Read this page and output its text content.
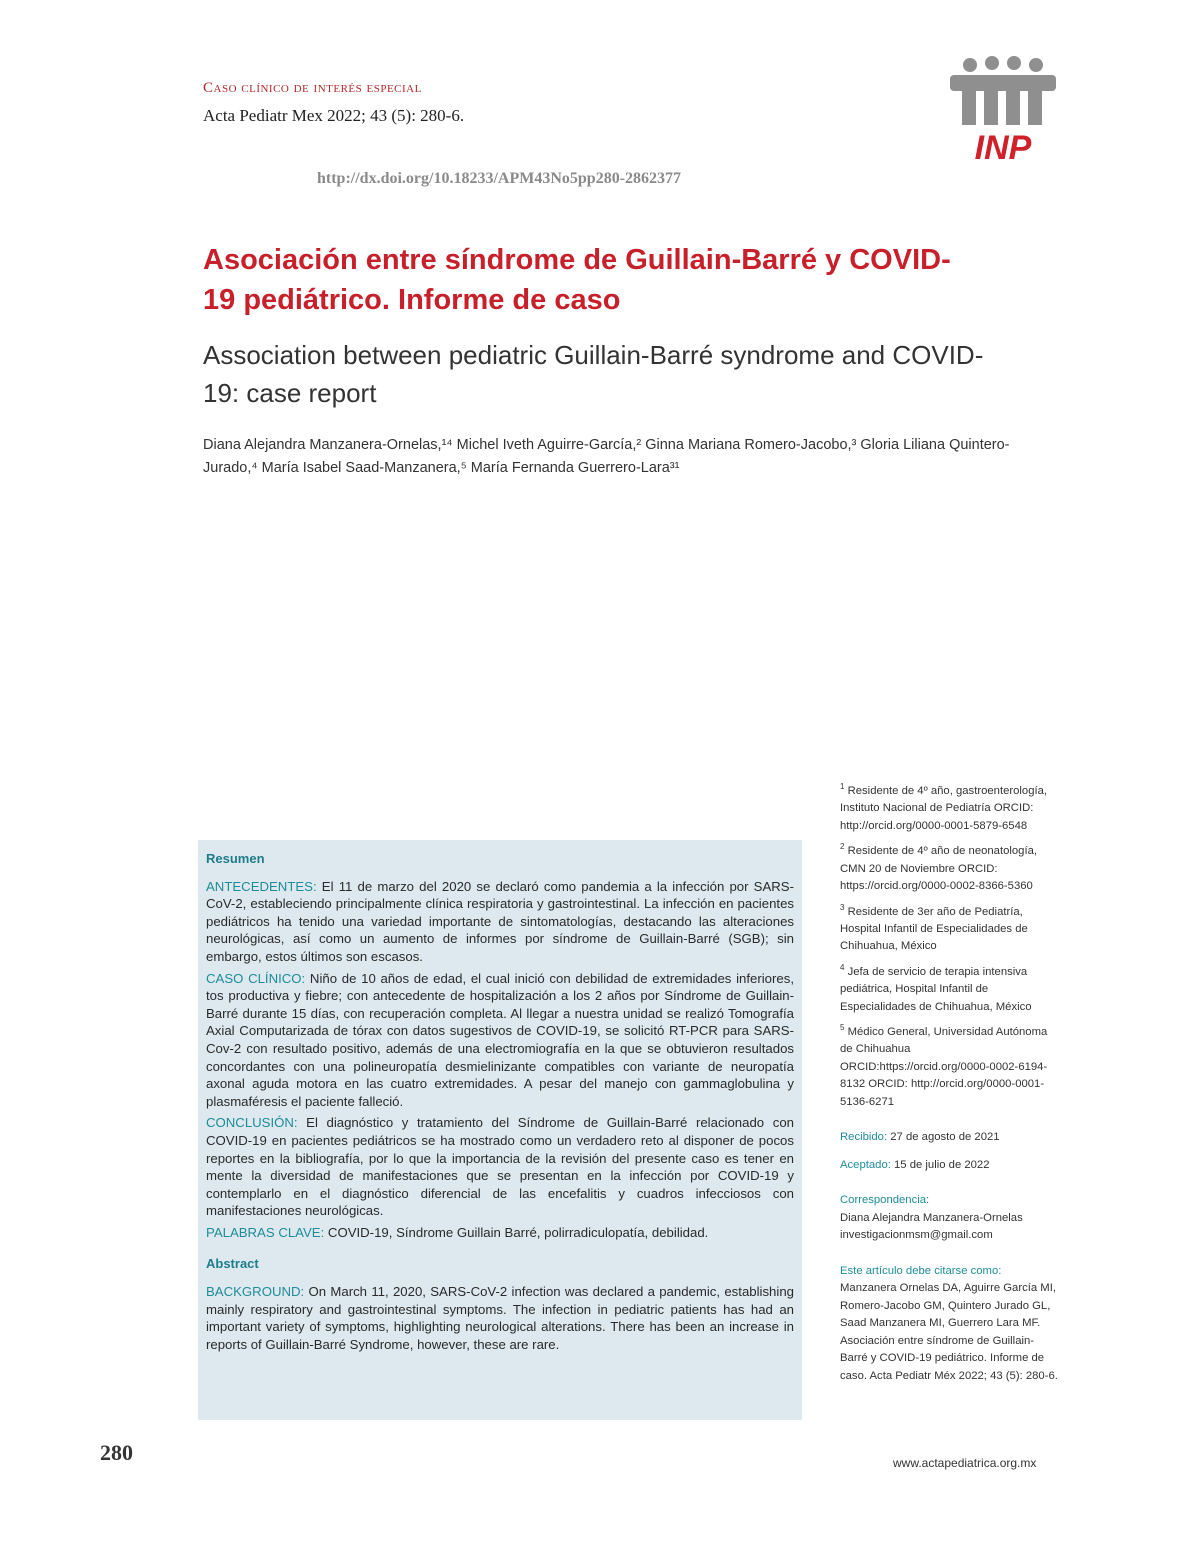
Caso clínico de interés especial
Acta Pediatr Mex 2022; 43 (5): 280-6.
http://dx.doi.org/10.18233/APM43No5pp280-2862377
INP
Asociación entre síndrome de Guillain-Barré y COVID-19 pediátrico. Informe de caso
Association between pediatric Guillain-Barré syndrome and COVID-19: case report

Diana Alejandra Manzanera-Ornelas,¹⁴ Michel Iveth Aguirre-García,² Ginna Mariana Romero-Jacobo,³ Gloria Liliana Quintero-Jurado,⁴ María Isabel Saad-Manzanera,⁵ María Fernanda Guerrero-Lara³¹

$^1$ Residente de 4º año, gastroenterología, Instituto Nacional de Pediatría ORCID: http://orcid.org/0000-0001-5879-6548

$^2$ Residente de 4º año de neonatología, CMN 20 de Noviembre ORCID: https://orcid.org/0000-0002-8366-5360

$^3$ Residente de 3er año de Pediatría, Hospital Infantil de Especialidades de Chihuahua, México

$^4$ Jefa de servicio de terapia intensiva pediátrica, Hospital Infantil de Especialidades de Chihuahua, México

$^5$ Médico General, Universidad Autónoma de Chihuahua ORCID:https://orcid.org/0000-0002-6194-8132 ORCID: http://orcid.org/0000-0001-5136-6271

Recibido: 27 de agosto de 2021

Aceptado: 15 de julio de 2022

Correspondencia:
Diana Alejandra Manzanera-Ornelas
investigacionmsm@gmail.com
Este artículo debe citarse como: Manzanera Ornelas DA, Aguirre García MI, Romero-Jacobo GM, Quintero Jurado GL, Saad Manzanera MI, Guerrero Lara MF. Asociación entre síndrome de Guillain-Barré y COVID-19 pediátrico. Informe de caso. Acta Pediatr Méx 2022; 43 (5): 280-6.
Resumen

ANTECEDENTES: El 11 de marzo del 2020 se declaró como pandemia a la infección por SARS-CoV-2, estableciendo principalmente clínica respiratoria y gastrointestinal. La infección en pacientes pediátricos ha tenido una variedad importante de sintomatologías, destacando las alteraciones neurológicas, así como un aumento de informes por síndrome de Guillain-Barré (SGB); sin embargo, estos últimos son escasos.

CASO CLÍNICO: Niño de 10 años de edad, el cual inició con debilidad de extremidades inferiores, tos productiva y fiebre; con antecedente de hospitalización a los 2 años por Síndrome de Guillain-Barré durante 15 días, con recuperación completa. Al llegar a nuestra unidad se realizó Tomografía Axial Computarizada de tórax con datos sugestivos de COVID-19, se solicitó RT-PCR para SARS-Cov-2 con resultado positivo, además de una electromiografía en la que se obtuvieron resultados concordantes con una polineuropatía desmielinizante compatibles con variante de neuropatía axonal aguda motora en las cuatro extremidades. A pesar del manejo con gammaglobulina y plasmaféresis el paciente falleció.

CONCLUSIÓN: El diagnóstico y tratamiento del Síndrome de Guillain-Barré relacionado con COVID-19 en pacientes pediátricos se ha mostrado como un verdadero reto al disponer de pocos reportes en la bibliografía, por lo que la importancia de la revisión del presente caso es tener en mente la diversidad de manifestaciones que se presentan en la infección por COVID-19 y contemplarlo en el diagnóstico diferencial de las encefalitis y cuadros infecciosos con manifestaciones neurológicas.

PALABRAS CLAVE: COVID-19, Síndrome Guillain Barré, polirradiculopatía, debilidad.

Abstract

BACKGROUND: On March 11, 2020, SARS-CoV-2 infection was declared a pandemic, establishing mainly respiratory and gastrointestinal symptoms. The infection in pediatric patients has had an important variety of symptoms, highlighting neurological alterations. There has been an increase in reports of Guillain-Barré Syndrome, however, these are rare.

280	www.actapediatrica.org.mx
